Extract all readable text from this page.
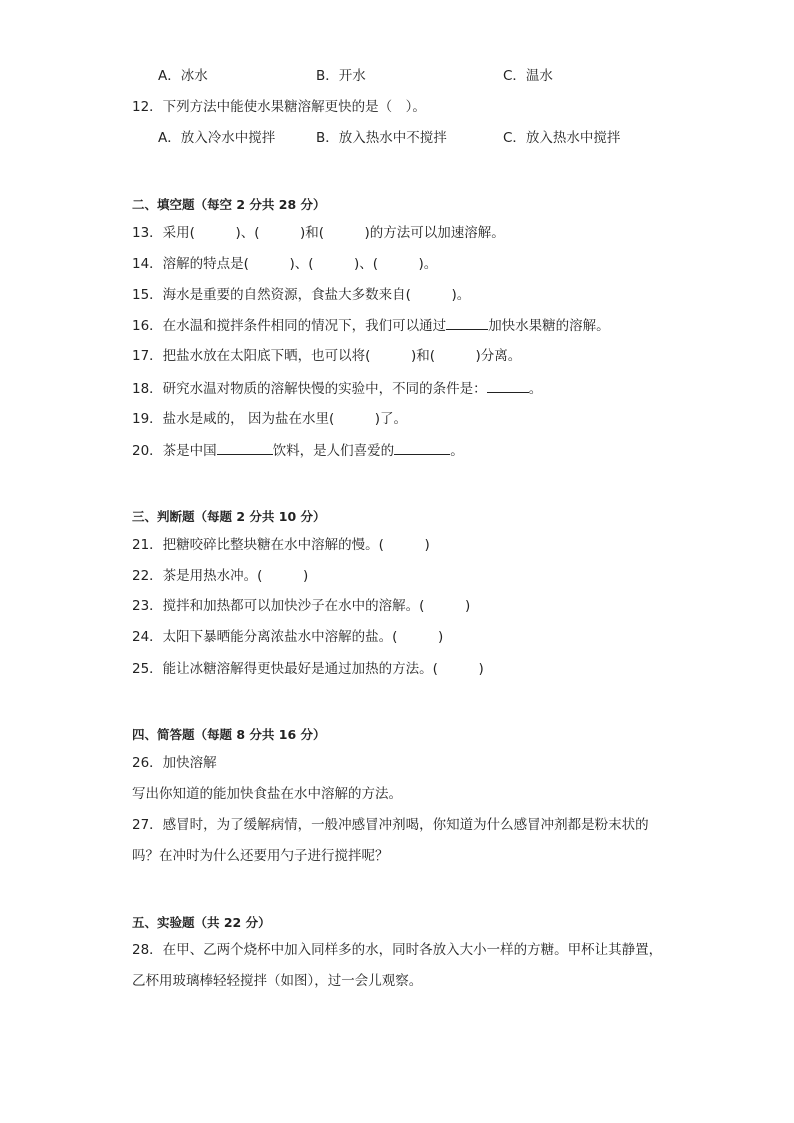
A．冰水	B．开水	C．温水
12．下列方法中能使水果糖溶解更快的是（　）。
A．放入冷水中搅拌	B．放入热水中不搅拌	C．放入热水中搅拌
二、填空题（每空 2 分共 28 分）
13．采用(　　　)、(　　　)和(　　　)的方法可以加速溶解。
14．溶解的特点是(　　　)、(　　　)、(　　　)。
15．海水是重要的自然资源，食盐大多数来自(　　　)。
16．在水温和搅拌条件相同的情况下，我们可以通过	加快水果糖的溶解。
17．把盐水放在太阳底下晒，也可以将(　　　)和(　　　)分离。
18．研究水温对物质的溶解快慢的实验中，不同的条件是：	。
19．盐水是咸的， 因为盐在水里(　　　)了。
20．茶是中国	饮料，是人们喜爱的	。
三、判断题（每题 2 分共 10 分）
21．把糖咬碎比整块糖在水中溶解的慢。(　　　)
22．茶是用热水冲。(　　　)
23．搅拌和加热都可以加快沙子在水中的溶解。(　　　)
24．太阳下暴晒能分离浓盐水中溶解的盐。(　　　)
25．能让冰糖溶解得更快最好是通过加热的方法。(　　　)
四、简答题（每题 8 分共 16 分）
26．加快溶解
写出你知道的能加快食盐在水中溶解的方法。
27．感冒时，为了缓解病情，一般冲感冒冲剂喝，你知道为什么感冒冲剂都是粉末状的
吗？在冲时为什么还要用勺子进行搅拌呢？
五、实验题（共 22 分）
28．在甲、乙两个烧杯中加入同样多的水，同时各放入大小一样的方糖。甲杯让其静置，
乙杯用玻璃棒轻轻搅拌（如图），过一会儿观察。
